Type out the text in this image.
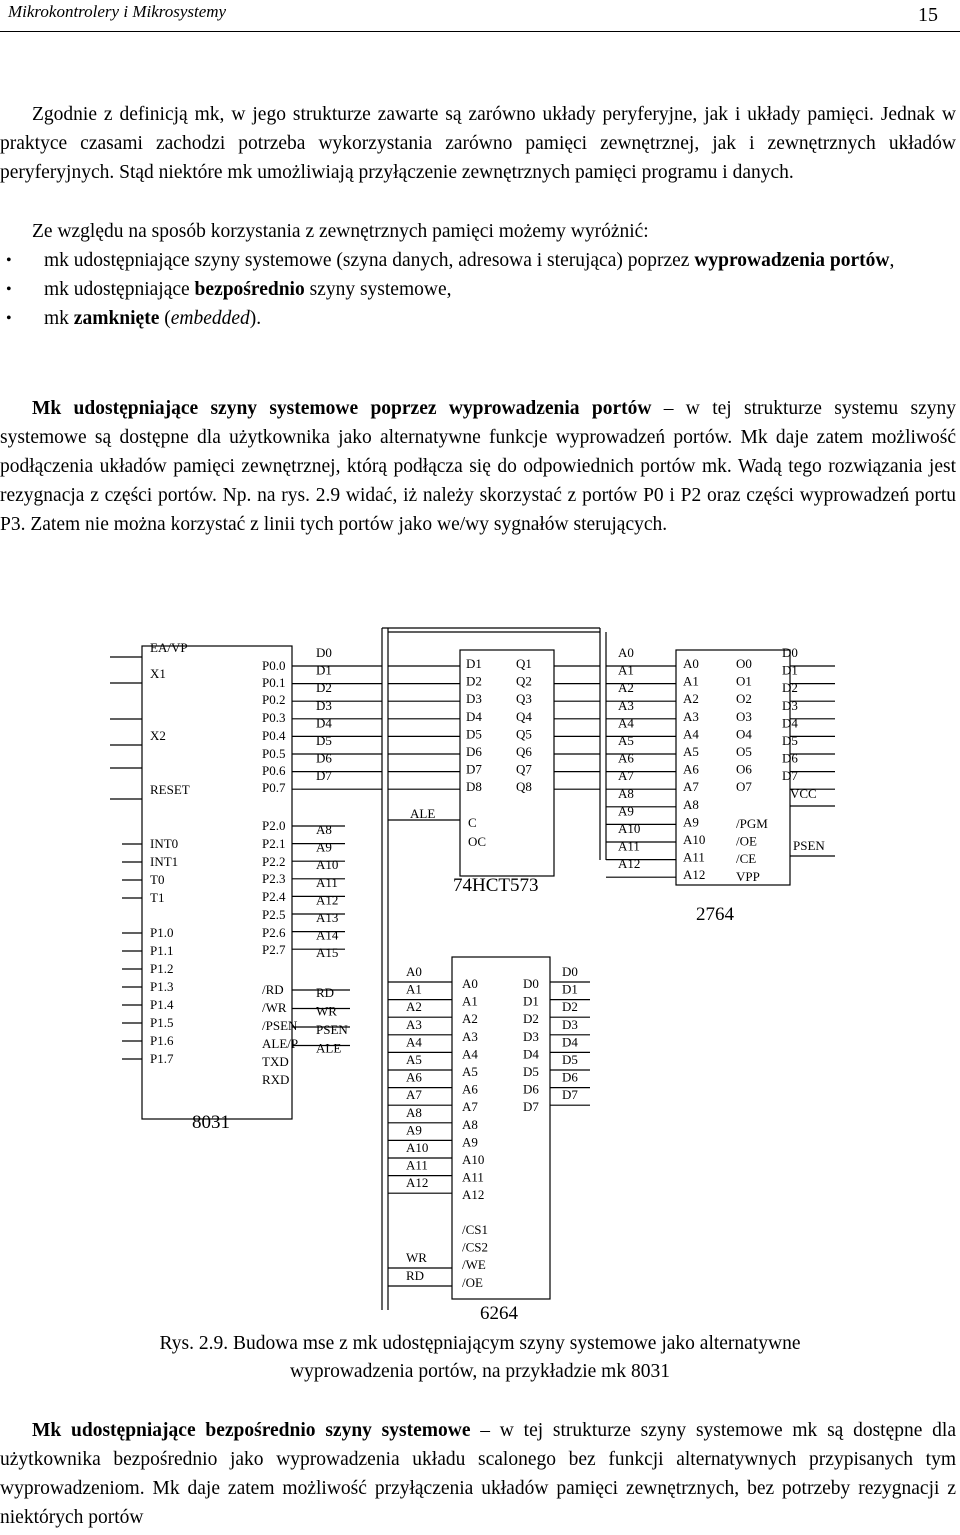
Mikrokontrolery i Mikrosystemy	15

Zgodnie z definicją mk, w jego strukturze zawarte są zarówno układy peryferyjne, jak i układy pamięci. Jednak w praktyce czasami zachodzi potrzeba wykorzystania zarówno pamięci zewnętrznej, jak i zewnętrznych układów peryferyjnych. Stąd niektóre mk umożliwiają przyłączenie zewnętrznych pamięci programu i danych.

Ze względu na sposób korzystania z zewnętrznych pamięci możemy wyróżnić:

• mk udostępniające szyny systemowe (szyna danych, adresowa i sterująca) poprzez wyprowadzenia portów,
• mk udostępniające bezpośrednio szyny systemowe,
• mk zamknięte (embedded).

Mk udostępniające szyny systemowe poprzez wyprowadzenia portów – w tej strukturze systemu szyny systemowe są dostępne dla użytkownika jako alternatywne funkcje wyprowadzeń portów. Mk daje zatem możliwość podłączenia układów pamięci zewnętrznej, którą podłącza się do odpowiednich portów mk. Wadą tego rozwiązania jest rezygnacja z części portów. Np. na rys. 2.9 widać, iż należy skorzystać z portów P0 i P2 oraz części wyprowadzeń portu P3. Zatem nie można korzystać z linii tych portów jako we/wy sygnałów sterujących.

8031
EA/VP
X1
X2
RESET
INT0
INT1
T0
T1
P1.0
P1.1
P1.2
P1.3
P1.4
P1.5
P1.6
P1.7
P0.0
P0.1
P0.2
P0.3
P0.4
P0.5
P0.6
P0.7
P2.0
P2.1
P2.2
P2.3
P2.4
P2.5
P2.6
P2.7
/RD
/WR
/PSEN
ALE/P
TXD
RXD
D0
D1
D2
D3
D4
D5
D6
D7
A8
A9
A10
A11
A12
A13
A14
A15
RD
WR
PSEN
ALE
74HCT573
D1
D2
D3
D4
D5
D6
D7
D8
Q1
Q2
Q3
Q4
Q5
Q6
Q7
Q8
C
OC
ALE
2764
A0
A1
A2
A3
A4
A5
A6
A7
A8
A9
A10
A11
A12
A0
A1
A2
A3
A4
A5
A6
A7
A8
A9
A10
A11
A12
O0
O1
O2
O3
O4
O5
O6
O7
/PGM
/OE
/CE
VPP
D0
D1
D2
D3
D4
D5
D6
D7
VCC
PSEN
6264
A0
A1
A2
A3
A4
A5
A6
A7
A8
A9
A10
A11
A12
A0
A1
A2
A3
A4
A5
A6
A7
A8
A9
A10
A11
A12
D0
D1
D2
D3
D4
D5
D6
D7
D0
D1
D2
D3
D4
D5
D6
D7
/CS1
/CS2
/WE
/OE
WR
RD
Rys. 2.9. Budowa mse z mk udostępniającym szyny systemowe jako alternatywne
wyprowadzenia portów, na przykładzie mk 8031

Mk udostępniające bezpośrednio szyny systemowe – w tej strukturze szyny systemowe mk są dostępne dla użytkownika bezpośrednio jako wyprowadzenia układu scalonego bez funkcji alternatywnych przypisanych tym wyprowadzeniom. Mk daje zatem możliwość przyłączenia układów pamięci zewnętrznych, bez potrzeby rezygnacji z niektórych portów
